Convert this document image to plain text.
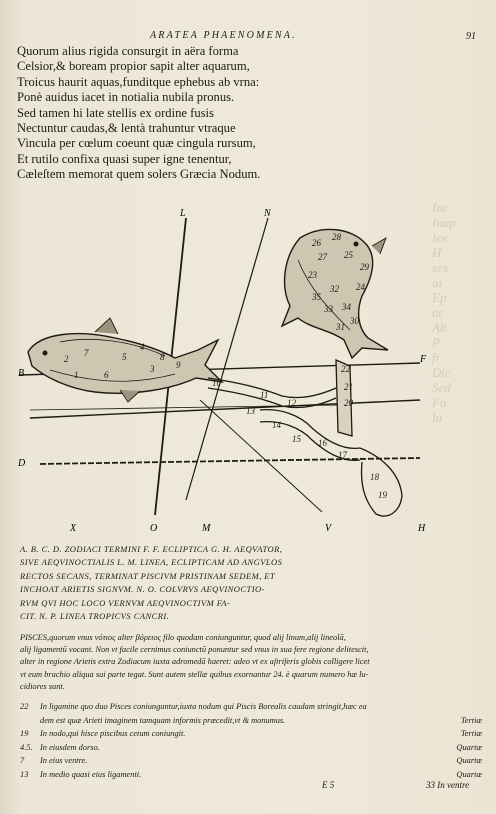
ARATEA PHAENOMENA.	91
Quorum alius rigida consurgit in aëra forma
Celsior,& boream propior sapit alter aquarum,
Troicus haurit aquas,funditque ephebus ab vrna:
Ponè auidus iacet in notialia nubila pronus.
Sed tamen hi late stellis ex ordine fusis
Nectuntur caudas,& lentà trahuntur vtraque
Vincula per cœlum coeunt quæ cingula rursum,
Et rutilo confixa quasi super igne tenentur,
Cæleſtem memorat quem solers Græcia Nodum.
Inc
Inap
lex
H
sex
ai
Ep
ac
Ab
P
fr
Dic
Sed
Fa
lu
10
11
12
13
14
15 16
17
18
19
20
21
22
23
27
26
28
25
32
34
33
35
29
24
30
31
7
6
5
4
3
2
1
8
9
L	N
B
D
F
X	O	M	V	H
A. B. C. D. ZODIACI TERMINI F. F. ECLIPTICA G. H. AEQVATOR,
SIVE AEQVINOCTIALIS L. M. LINEA, ECLIPTICAM AD ANGVLOS
RECTOS SECANS, TERMINAT PISCIVM PRISTINAM SEDEM, ET
INCHOAT ARIETIS SIGNVM. N. O. COLVRVS AEQVINOCTIO-
RVM QVI HOC LOCO VERNVM AEQVINOCTIVM FA-
CIT. N. P. LINEA TROPICVS CANCRI.
PISCES,quorum vnus νότιος alter βόρειος filo quodam coniunguntur, quod alij linum,alij lineolã,
alij ligamentũ vocant. Non vt facile cernimus coniunctũ ponuntur sed vnus in sua fere regione delitescit,
alter in regione Arietis extra Zodiacum iuxta adromedã haeret: adeo vt ex aſtriferis globis colligere licet
vt eum brachio aliqua sui parte tegat. Sunt autem stellæ quibus exornantur 24. è quarum numero hæ lu-
cidiores sunt.
22	In ligamine quo duo Pisces coniunguntur,iuxta nodum qui Piscis Borealis caudam stringit,hæc ea
dem est quæ Arieti imaginem tamquam informis præcedit,vt & monumus.	Tertiæ
19	In nodo,qui hisce piscibus cetum coniungit.	Tertiæ
4.5. In eiusdem dorso.	Quartæ
7	In eius ventre.	Quartæ
13	In medio quasi eius ligamenti.	Quartæ
E 5	33 In ventre
